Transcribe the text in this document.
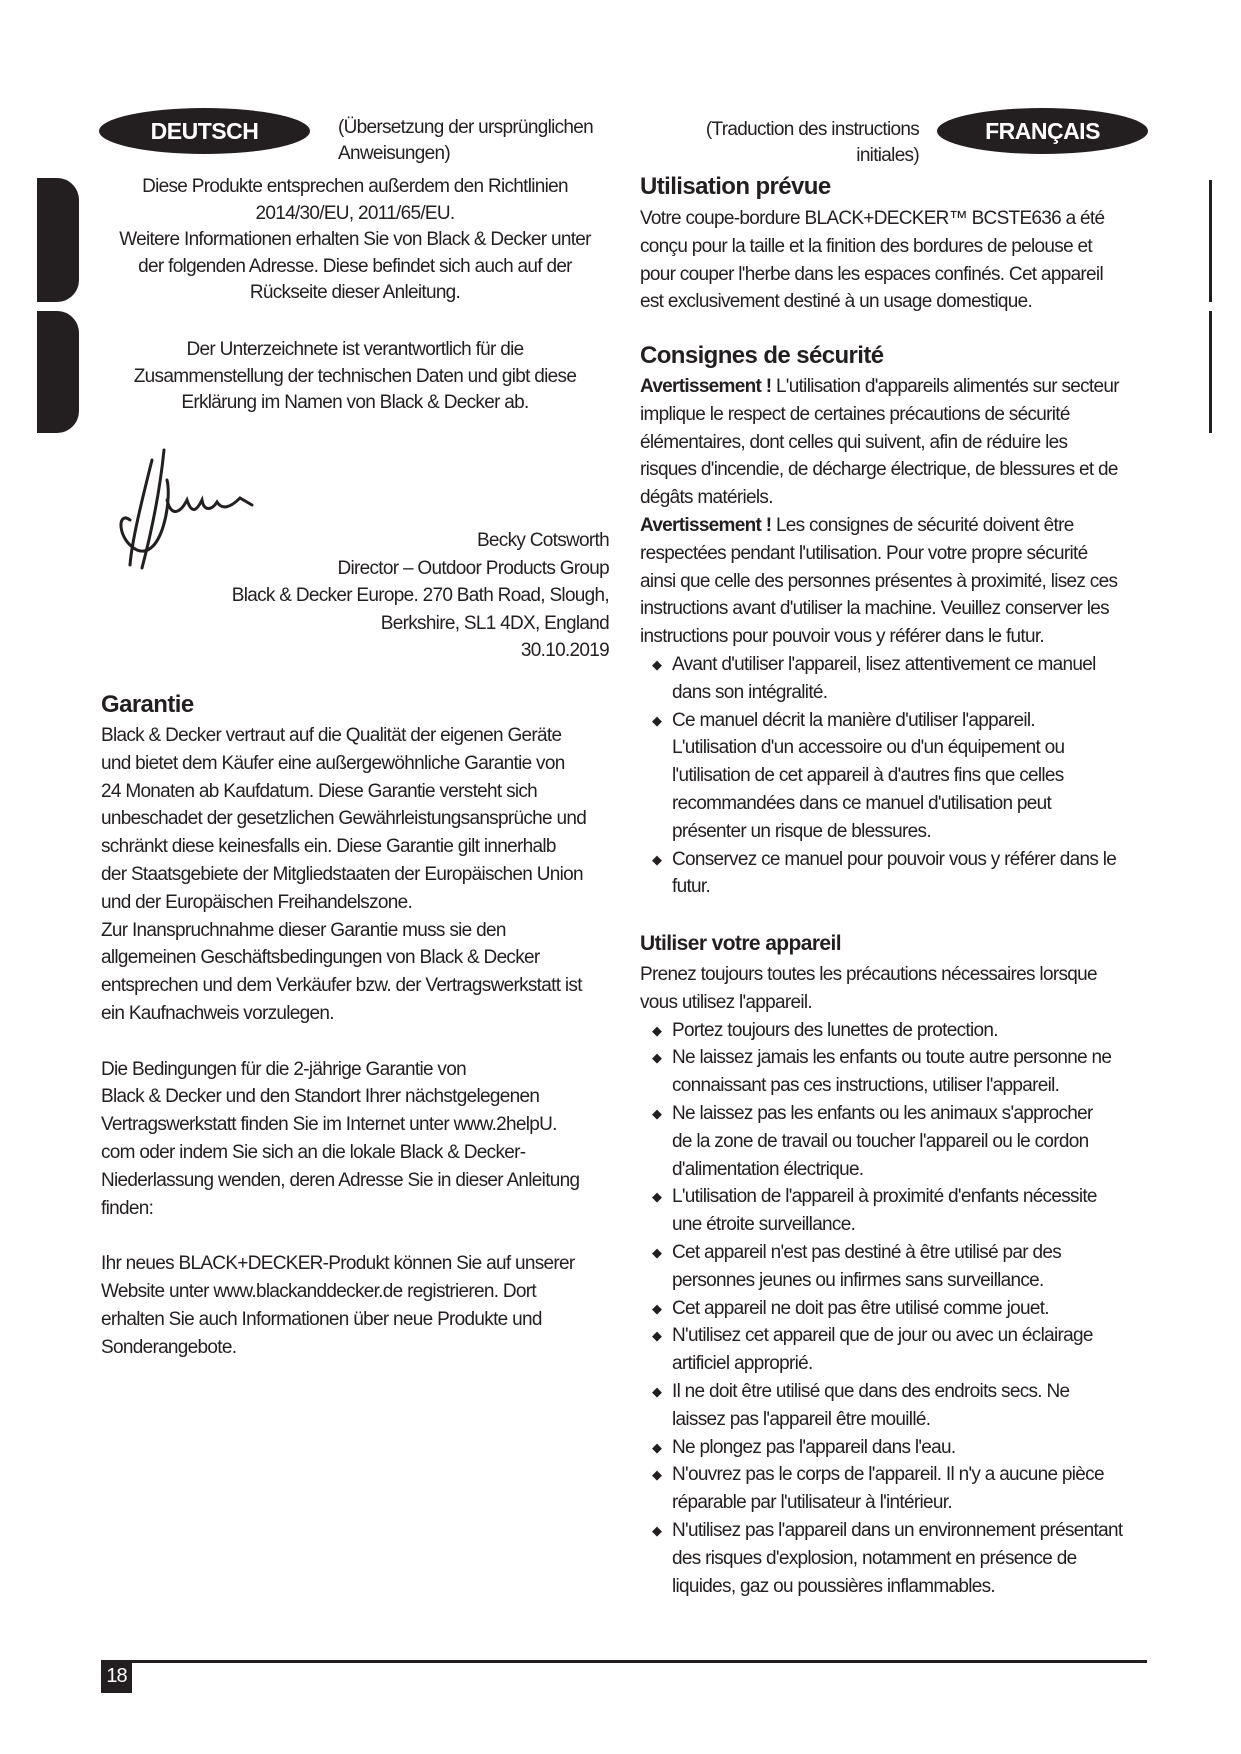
DEUTSCH	(Übersetzung der ursprünglichen
Anweisungen)
FRANÇAIS
(Traduction des instructions
initiales)
Diese Produkte entsprechen außerdem den Richtlinien
2014/30/EU, 2011/65/EU.
Weitere Informationen erhalten Sie von Black & Decker unter
der folgenden Adresse. Diese befindet sich auch auf der
Rückseite dieser Anleitung.
Der Unterzeichnete ist verantwortlich für die
Zusammenstellung der technischen Daten und gibt diese
Erklärung im Namen von Black & Decker ab.
Becky Cotsworth
Director – Outdoor Products Group
Black & Decker Europe. 270 Bath Road, Slough,
Berkshire, SL1 4DX, England
30.10.2019
Garantie
Black & Decker vertraut auf die Qualität der eigenen Geräte
und bietet dem Käufer eine außergewöhnliche Garantie von
24 Monaten ab Kaufdatum. Diese Garantie versteht sich
unbeschadet der gesetzlichen Gewährleistungsansprüche und
schränkt diese keinesfalls ein. Diese Garantie gilt innerhalb
der Staatsgebiete der Mitgliedstaaten der Europäischen Union
und der Europäischen Freihandelszone.
Zur Inanspruchnahme dieser Garantie muss sie den
allgemeinen Geschäftsbedingungen von Black & Decker
entsprechen und dem Verkäufer bzw. der Vertragswerkstatt ist
ein Kaufnachweis vorzulegen.
Die Bedingungen für die 2-jährige Garantie von
Black & Decker und den Standort Ihrer nächstgelegenen
Vertragswerkstatt finden Sie im Internet unter www.2helpU.
com oder indem Sie sich an die lokale Black & Decker-
Niederlassung wenden, deren Adresse Sie in dieser Anleitung
finden:
Ihr neues BLACK+DECKER-Produkt können Sie auf unserer
Website unter www.blackanddecker.de registrieren. Dort
erhalten Sie auch Informationen über neue Produkte und
Sonderangebote.
Utilisation prévue
Votre coupe-bordure BLACK+DECKER™ BCSTE636 a été
conçu pour la taille et la finition des bordures de pelouse et
pour couper l'herbe dans les espaces confinés. Cet appareil
est exclusivement destiné à un usage domestique.
Consignes de sécurité
Avertissement ! L'utilisation d'appareils alimentés sur secteur
implique le respect de certaines précautions de sécurité
élémentaires, dont celles qui suivent, afin de réduire les
risques d'incendie, de décharge électrique, de blessures et de
dégâts matériels.
Avertissement ! Les consignes de sécurité doivent être
respectées pendant l'utilisation. Pour votre propre sécurité
ainsi que celle des personnes présentes à proximité, lisez ces
instructions avant d'utiliser la machine. Veuillez conserver les
instructions pour pouvoir vous y référer dans le futur.
◆ Avant d'utiliser l'appareil, lisez attentivement ce manuel
dans son intégralité.
◆ Ce manuel décrit la manière d'utiliser l'appareil.
L'utilisation d'un accessoire ou d'un équipement ou
l'utilisation de cet appareil à d'autres fins que celles
recommandées dans ce manuel d'utilisation peut
présenter un risque de blessures.
◆ Conservez ce manuel pour pouvoir vous y référer dans le
futur.
Utiliser votre appareil
Prenez toujours toutes les précautions nécessaires lorsque
vous utilisez l'appareil.
◆ Portez toujours des lunettes de protection.
◆ Ne laissez jamais les enfants ou toute autre personne ne
connaissant pas ces instructions, utiliser l'appareil.
◆ Ne laissez pas les enfants ou les animaux s'approcher
de la zone de travail ou toucher l'appareil ou le cordon
d'alimentation électrique.
◆ L'utilisation de l'appareil à proximité d'enfants nécessite
une étroite surveillance.
◆ Cet appareil n'est pas destiné à être utilisé par des
personnes jeunes ou infirmes sans surveillance.
◆ Cet appareil ne doit pas être utilisé comme jouet.
◆ N'utilisez cet appareil que de jour ou avec un éclairage
artificiel approprié.
◆ Il ne doit être utilisé que dans des endroits secs. Ne
laissez pas l'appareil être mouillé.
◆ Ne plongez pas l'appareil dans l'eau.
◆ N'ouvrez pas le corps de l'appareil. Il n'y a aucune pièce
réparable par l'utilisateur à l'intérieur.
◆ N'utilisez pas l'appareil dans un environnement présentant
des risques d'explosion, notamment en présence de
liquides, gaz ou poussières inflammables.
18
